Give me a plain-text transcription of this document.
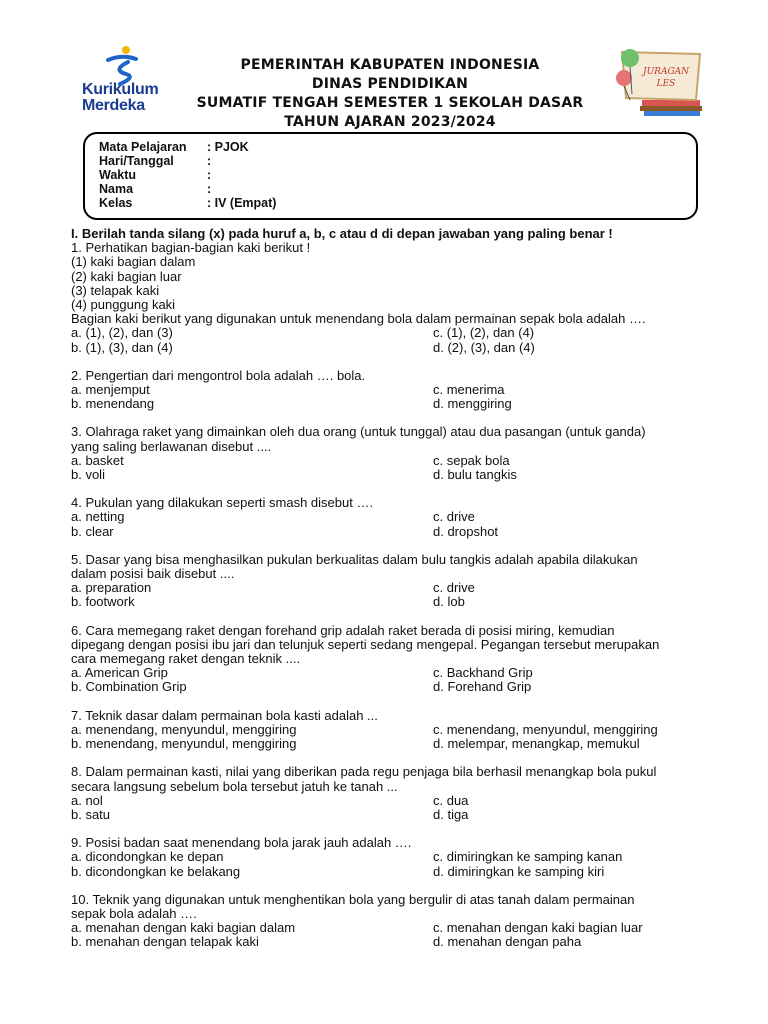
Kurikulum
Merdeka
PEMERINTAH KABUPATEN INDONESIA
DINAS PENDIDIKAN
SUMATIF TENGAH SEMESTER 1 SEKOLAH DASAR
TAHUN AJARAN 2023/2024
JURAGAN
LES
Mata Pelajaran : PJOK
Hari/Tanggal	:
Waktu	:
Nama	:
Kelas	: IV (Empat)
I. Berilah tanda silang (x) pada huruf a, b, c atau d di depan jawaban yang paling benar !
1. Perhatikan bagian-bagian kaki berikut !
(1) kaki bagian dalam
(2) kaki bagian luar
(3) telapak kaki
(4) punggung kaki
Bagian kaki berikut yang digunakan untuk menendang bola dalam permainan sepak bola adalah ….
a. (1), (2), dan (3)	c. (1), (2), dan (4)
b. (1), (3), dan (4)	d. (2), (3), dan (4)
2. Pengertian dari mengontrol bola adalah …. bola.
a. menjemput	c. menerima
b. menendang	d. menggiring
3. Olahraga raket yang dimainkan oleh dua orang (untuk tunggal) atau dua pasangan (untuk ganda)
yang saling berlawanan disebut ....
a. basket	c. sepak bola
b. voli	d. bulu tangkis
4. Pukulan yang dilakukan seperti smash disebut ….
a. netting	c. drive
b. clear	d. dropshot
5. Dasar yang bisa menghasilkan pukulan berkualitas dalam bulu tangkis adalah apabila dilakukan
dalam posisi baik disebut ....
a. preparation	c. drive
b. footwork	d. lob
6. Cara memegang raket dengan forehand grip adalah raket berada di posisi miring, kemudian
dipegang dengan posisi ibu jari dan telunjuk seperti sedang mengepal. Pegangan tersebut merupakan
cara memegang raket dengan teknik ....
a. American Grip	c. Backhand Grip
b. Combination Grip	d. Forehand Grip
7. Teknik dasar dalam permainan bola kasti adalah ...
a. menendang, menyundul, menggiring	c. menendang, menyundul, menggiring
b. menendang, menyundul, menggiring	d. melempar, menangkap, memukul
8. Dalam permainan kasti, nilai yang diberikan pada regu penjaga bila berhasil menangkap bola pukul
secara langsung sebelum bola tersebut jatuh ke tanah ...
a. nol	c. dua
b. satu	d. tiga
9. Posisi badan saat menendang bola jarak jauh adalah ….
a. dicondongkan ke depan	c. dimiringkan ke samping kanan
b. dicondongkan ke belakang	d. dimiringkan ke samping kiri
10. Teknik yang digunakan untuk menghentikan bola yang bergulir di atas tanah dalam permainan
sepak bola adalah ….
a. menahan dengan kaki bagian dalam	c. menahan dengan kaki bagian luar
b. menahan dengan telapak kaki	d. menahan dengan paha
